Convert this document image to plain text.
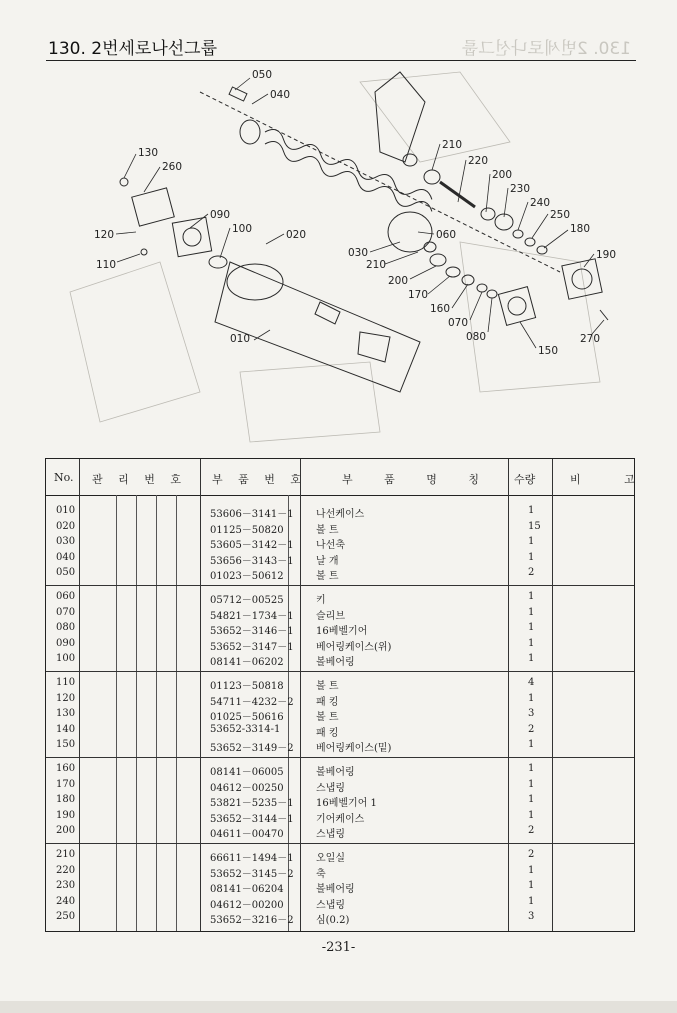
130. 2번세로나선그룹	130. 2번세로나선그룹
050
040
130
260
210
220
200
230
240
250
180
190
120
090
100	020	060
110
030
210
200
170
160
070
080
150
270
010
No. 관 리 번 호 부 품 번 호	부 품 명 칭 수량	비 고
010	53606－3141－1 나선케이스	1
020	01125－50820	볼 트	15
030	53605－3142－1 나선축	1
040	53656－3143－1 날 개	1
050	01023－50612	볼 트	2
060	05712－00525	키	1
070	54821－1734－1 슬리브	1
080	53652－3146－1 16베벨기어	1
090	53652－3147－1 베어링케이스(위)	1
100	08141－06202	볼베어링	1
110	01123－50818	볼 트	4
120	54711－4232－2 패 킹	1
130	01025－50616	볼 트	3
140	53652-3314-1	패 킹	2
150	53652－3149－2 베어링케이스(밑)	1
160	08141－06005	볼베어링	1
170	04612－00250	스냅링	1
180	53821－5235－1 16베벨기어 1	1
190	53652－3144－1 기어케이스	1
200	04611－00470	스냅링	2
210	66611－1494－1 오일실	2
220	53652－3145－2 축	1
230	08141－06204	볼베어링	1
240	04612－00200	스냅링	1
250	53652－3216－2 심(0.2)	3
-231-
